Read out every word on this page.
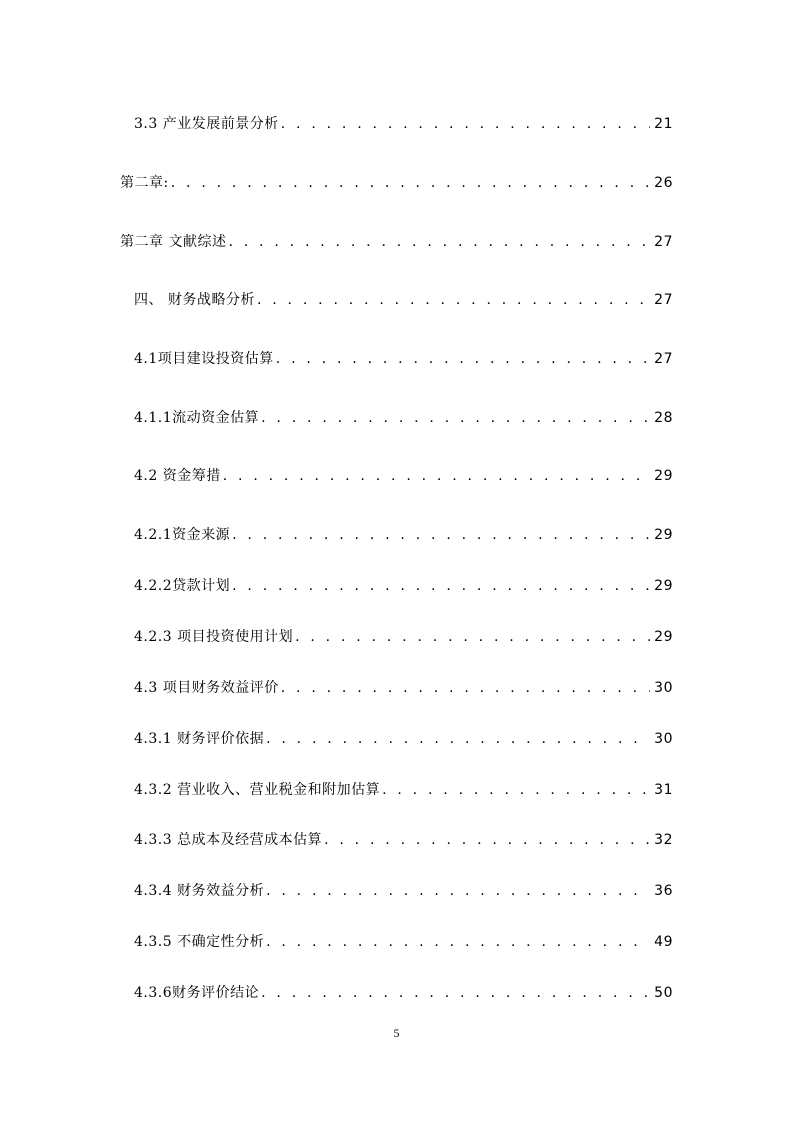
3.3 产业发展前景分析 . . .	21
第二章: . . .	26
第二章 文献综述 . . .	27
四、 财务战略分析 . . .	27
4.1项目建设投资估算 . . .	27
4.1.1流动资金估算 . . .	28
4.2 资金筹措 . . .	29
4.2.1资金来源 . . .	29
4.2.2贷款计划 . . .	29
4.2.3 项目投资使用计划 . . .	29
4.3 项目财务效益评价 . . .	30
4.3.1 财务评价依据 . . .	30
4.3.2 营业收入、营业税金和附加估算 . . .	31
4.3.3 总成本及经营成本估算 . . .	32
4.3.4 财务效益分析 . . .	36
4.3.5 不确定性分析 . . .	49
4.3.6财务评价结论 . . .	50
5
